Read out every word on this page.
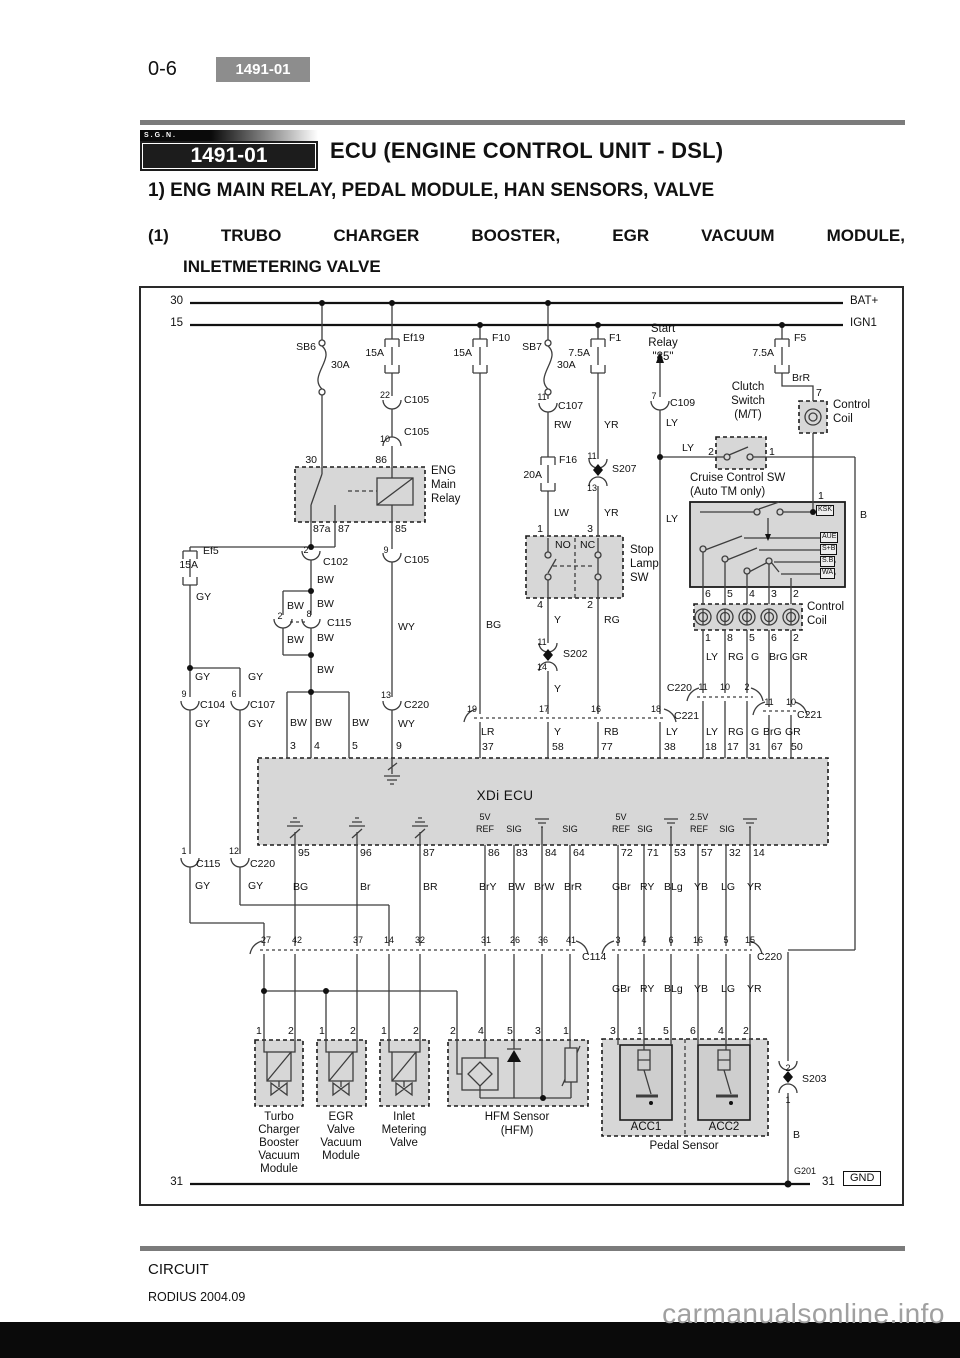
0-6	1491-01
S.G.N.
1491-01	ECU (ENGINE CONTROL UNIT - DSL)
1) ENG MAIN RELAY, PEDAL MODULE, HAN SENSORS, VALVE
(1) TRUBO CHARGER BOOSTER, EGR VACUUM MODULE,
INLETMETERING VALVE
30	BAT+
15	IGN1
31
G201
31	GND
SB6
30A
30
Ef19
15A
22 C105
10
C105
86
F10
15A
BG
SB7
30A
11
C107
RW
F16
20A
LW
1
F1
7.5A
YR
11
S207
13
YR
3
Start
Relay
"85"
7
C109
LY
F5
7.5A
BrR
7
Control
Coil
Clutch
Switch
(M/T)
LY 2	1
B
ENG
Main
Relay
87a 87	85
Ef5
15A
GY
2
C102
BW
BW BW
2	8
C115
BW BW
BW
BW BW BW
3 4	5
9
C105
WY
13
C220
WY
9
GY	GY
9
C104
GY
6
C107
GY
1
C115
GY
12
C220
GY
NO NC	Stop
Lamp
SW
4	2
Y	RG
11
S202
14
Y
LY
Cruise Control SW
(Auto TM only)	1
KSK
AUE
S+B
S.B
WA
6 5 4 3 2
Control
Coil
1 8 5 6 2
LY RG G BrG GR
C220 11 10 2
11 10
C221
LY RG G BrG GR
18 17 31 67 50
19	17	16	18
C221
LR	Y	RB	LY
37	58	77	38
XDi ECU
5V
REF SIG	SIG
5V
REF SIG
2.5V
REF SIG
95	96	87	86 83 84 64	72 71 53 57 32 14
BG	Br	BR	BrY BW BrW BrR	GBr RY BLg YB LG YR
27 42	37 14 32	31 26 36 41
C114
3 4 6 16 5 15
C220
GBr RY BLg YB LG YR
1 2 1 2 1 2	2 4 5 3 1	3 1 5 6 4 2
Turbo
Charger
Booster
Vacuum
Module
EGR
Valve
Vacuum
Module
Inlet
Metering
Valve
HFM Sensor
(HFM)	ACC1	ACC2
Pedal Sensor
2
S203
1
B
CIRCUIT
RODIUS 2004.09
carmanualsonline.info
